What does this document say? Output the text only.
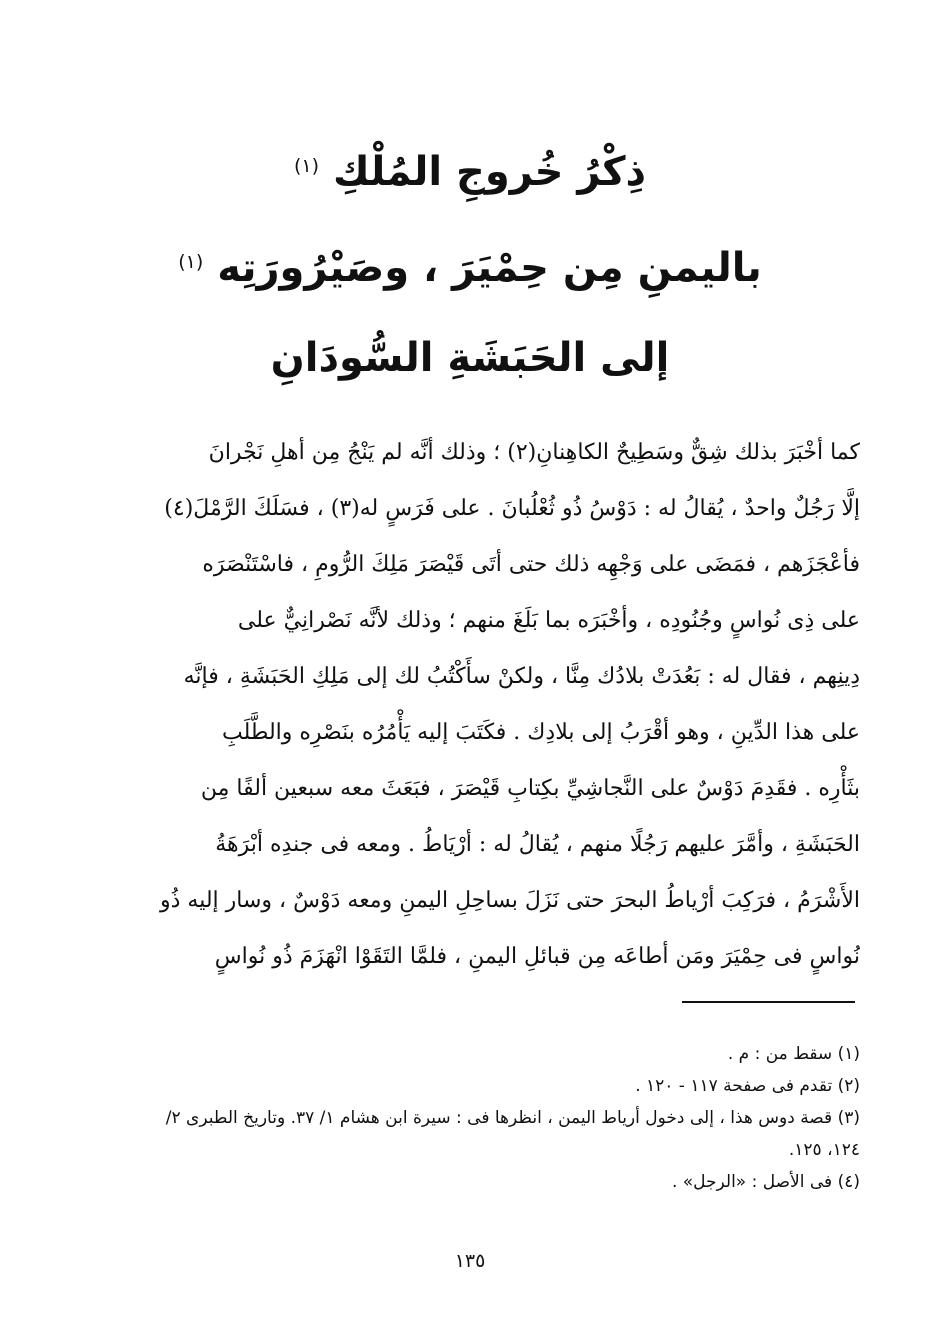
ذِكْرُ خُروجِ المُلْكِ $^{(١)}$
باليمنِ مِن حِمْيَرَ ، وصَيْرُورَتِه $^{(١)}$
إلى الحَبَشَةِ السُّودَانِ
كما أخْبَرَ بذلك شِقٌّ وسَطِيحٌ الكاهِنانِ(٢) ؛ وذلك أنَّه لم يَنْجُ مِن أهلِ نَجْرانَ
إلَّا رَجُلٌ واحدٌ ، يُقالُ له : دَوْسُ ذُو ثُعْلُبانَ . على فَرَسٍ له(٣) ، فسَلَكَ الرَّمْلَ(٤)
فأعْجَزَهم ، فمَضَى على وَجْهِه ذلك حتى أتَى قَيْصَرَ مَلِكَ الرُّومِ ، فاسْتَنْصَرَه
على ذِى نُواسٍ وجُنُودِه ، وأخْبَرَه بما بَلَغَ منهم ؛ وذلك لأنَّه نَصْرانِيٌّ على
دِينِهم ، فقال له : بَعُدَتْ بلادُك مِنَّا ، ولكنْ سأَكْتُبُ لك إلى مَلِكِ الحَبَشَةِ ، فإنَّه
على هذا الدِّينِ ، وهو أقْرَبُ إلى بلادِك . فكَتَبَ إليه يَأْمُرُه بنَصْرِه والطَّلَبِ
بثَأْرِه . فقَدِمَ دَوْسٌ على النَّجاشِيِّ بكِتابِ قَيْصَرَ ، فبَعَثَ معه سبعين ألفًا مِن
الحَبَشَةِ ، وأمَّرَ عليهم رَجُلًا منهم ، يُقالُ له : أرْيَاطُ . ومعه فى جندِه أبْرَهَةُ
الأَشْرَمُ ، فرَكِبَ أرْياطُ البحرَ حتى نَزَلَ بساحِلِ اليمنِ ومعه دَوْسٌ ، وسار إليه ذُو
نُواسٍ فى حِمْيَرَ ومَن أطاعَه مِن قبائلِ اليمنِ ، فلمَّا التَقَوْا انْهَزَمَ ذُو نُواسٍ
(١) سقط من : م .
(٢) تقدم فى صفحة ١١٧ - ١٢٠ .
(٣) قصة دوس هذا ، إلى دخول أرياط اليمن ، انظرها فى : سيرة ابن هشام ١/ ٣٧. وتاريخ الطبرى ٢/
١٢٤، ١٢٥.
(٤) فى الأصل : «الرجل» .
١٣٥
